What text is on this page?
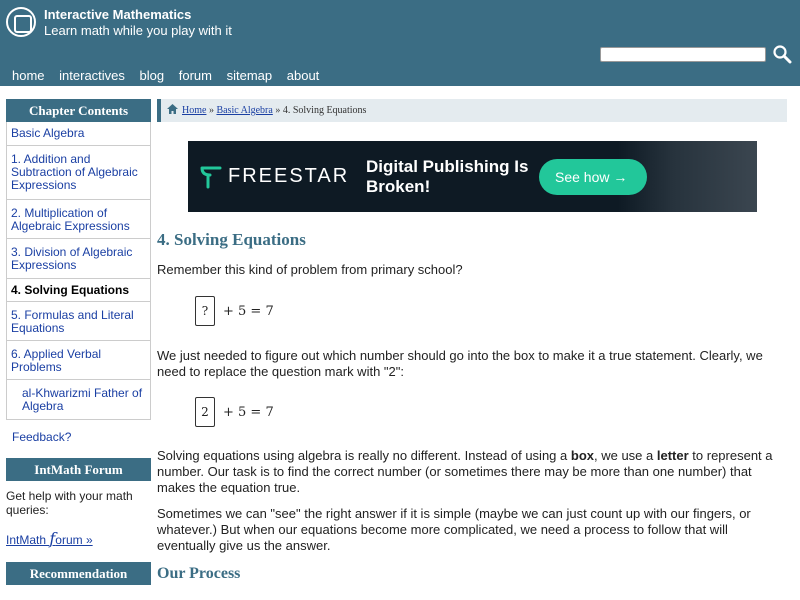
Interactive Mathematics
Learn math while you play with it
home interactives blog forum sitemap about
Chapter Contents
Basic Algebra
1. Addition and Subtraction of Algebraic Expressions
2. Multiplication of Algebraic Expressions
3. Division of Algebraic Expressions
4. Solving Equations
5. Formulas and Literal Equations
6. Applied Verbal Problems
al-Khwarizmi Father of Algebra
Feedback?
IntMath Forum
Get help with your math queries:
IntMath forum »
Recommendation
Home » Basic Algebra » 4. Solving Equations
FREESTAR Digital Publishing Is Broken!	See how →
4. Solving Equations
Remember this kind of problem from primary school?
? + 5 = 7
We just needed to figure out which number should go into the box to make it a true statement. Clearly, we need to replace the question mark with "2":
2 + 5 = 7
Solving equations using algebra is really no different. Instead of using a box, we use a letter to represent a number. Our task is to find the correct number (or sometimes there may be more than one number) that makes the equation true.
Sometimes we can "see" the right answer if it is simple (maybe we can just count up with our fingers, or whatever.) But when our equations become more complicated, we need a process to follow that will eventually give us the answer.
Our Process
